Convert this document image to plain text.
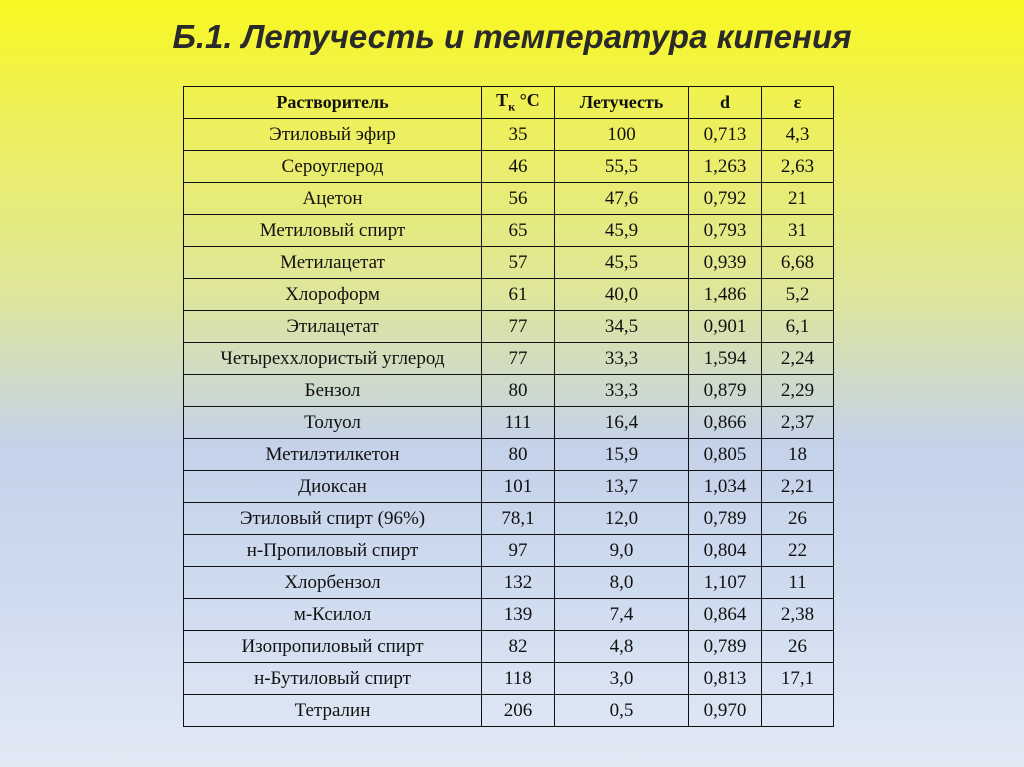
Б.1. Летучесть и температура кипения
Растворитель	$Т_к$ °С	Летучесть	d	ε
Этиловый эфир	35	100	0,713	4,3
Сероуглерод	46	55,5	1,263	2,63
Ацетон	56	47,6	0,792	21
Метиловый спирт	65	45,9	0,793	31
Метилацетат	57	45,5	0,939	6,68
Хлороформ	61	40,0	1,486	5,2
Этилацетат	77	34,5	0,901	6,1
Четыреххлористый углерод	77	33,3	1,594	2,24
Бензол	80	33,3	0,879	2,29
Толуол	111	16,4	0,866	2,37
Метилэтилкетон	80	15,9	0,805	18
Диоксан	101	13,7	1,034	2,21
Этиловый спирт (96%)	78,1	12,0	0,789	26
н-Пропиловый спирт	97	9,0	0,804	22
Хлорбензол	132	8,0	1,107	11
м-Ксилол	139	7,4	0,864	2,38
Изопропиловый спирт	82	4,8	0,789	26
н-Бутиловый спирт	118	3,0	0,813	17,1
Тетралин	206	0,5	0,970	
